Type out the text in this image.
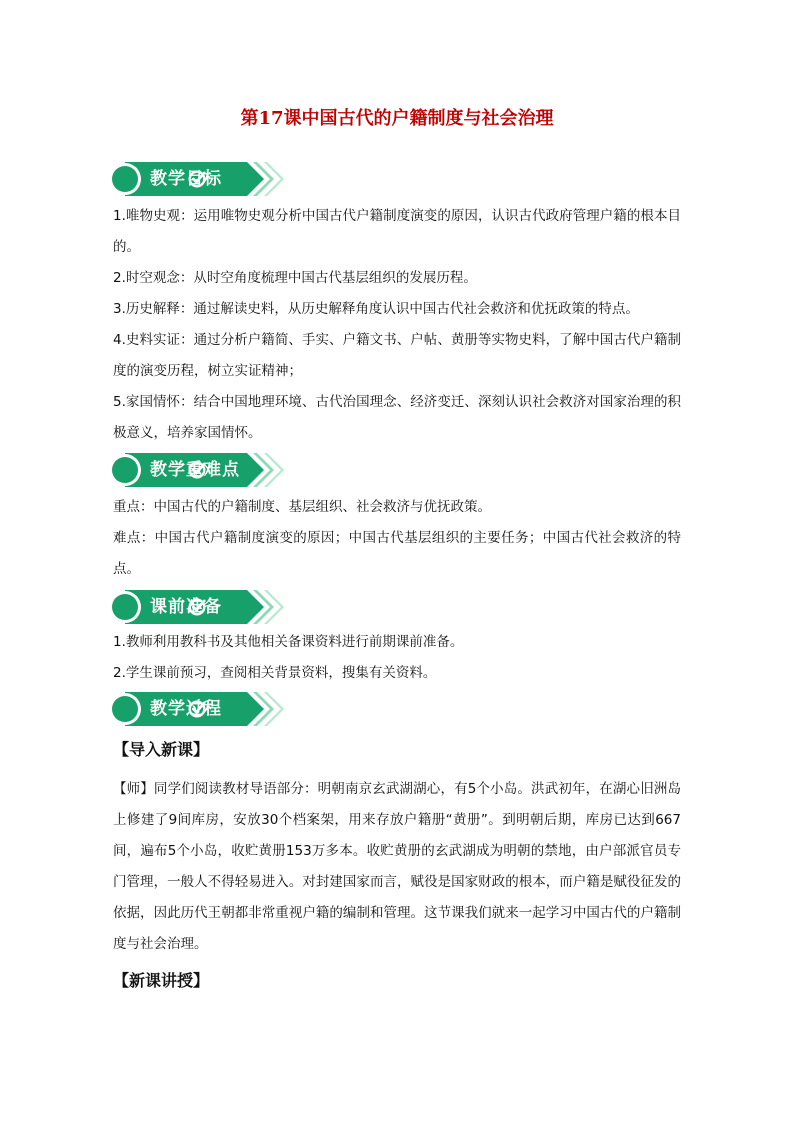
第17课中国古代的户籍制度与社会治理
教学目标

1.唯物史观：运用唯物史观分析中国古代户籍制度演变的原因，认识古代政府管理户籍的根本目的。

2.时空观念：从时空角度梳理中国古代基层组织的发展历程。

3.历史解释：通过解读史料，从历史解释角度认识中国古代社会救济和优抚政策的特点。

4.史料实证：通过分析户籍简、手实、户籍文书、户帖、黄册等实物史料，了解中国古代户籍制度的演变历程，树立实证精神；

5.家国情怀：结合中国地理环境、古代治国理念、经济变迁、深刻认识社会救济对国家治理的积极意义，培养家国情怀。

教学重难点

重点：中国古代的户籍制度、基层组织、社会救济与优抚政策。

难点：中国古代户籍制度演变的原因；中国古代基层组织的主要任务；中国古代社会救济的特点。

课前准备

1.教师利用教科书及其他相关备课资料进行前期课前准备。

2.学生课前预习，查阅相关背景资料，搜集有关资料。

教学过程
【导入新课】

【师】同学们阅读教材导语部分：明朝南京玄武湖湖心，有5个小岛。洪武初年，在湖心旧洲岛上修建了9间库房，安放30个档案架，用来存放户籍册“黄册”。到明朝后期，库房已达到667间，遍布5个小岛，收贮黄册153万多本。收贮黄册的玄武湖成为明朝的禁地，由户部派官员专门管理，一般人不得轻易进入。对封建国家而言，赋役是国家财政的根本，而户籍是赋役征发的依据，因此历代王朝都非常重视户籍的编制和管理。这节课我们就来一起学习中国古代的户籍制度与社会治理。

【新课讲授】
